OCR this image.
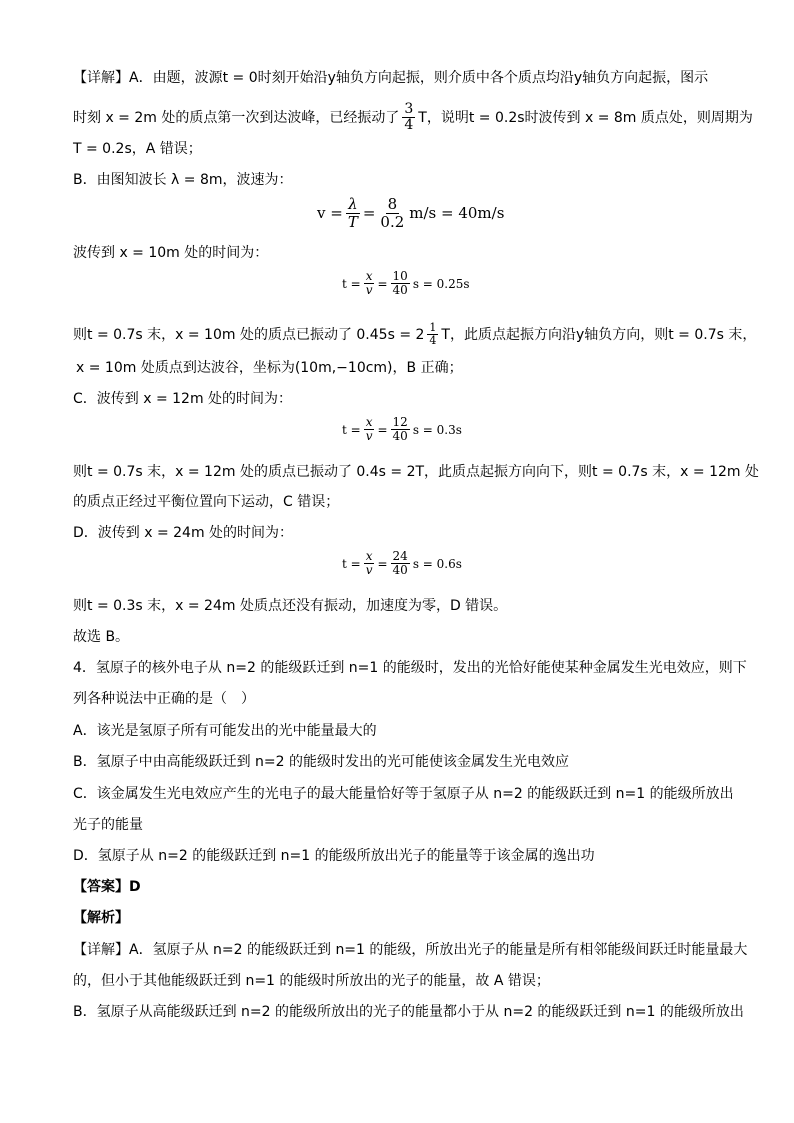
【详解】A．由题，波源t = 0时刻开始沿y轴负方向起振，则介质中各个质点均沿y轴负方向起振，图示
时刻 x = 2m 处的质点第一次到达波峰，已经振动了 $\frac{3}{4}$ T，说明t = 0.2s时波传到 x = 8m 质点处，则周期为
T = 0.2s，A 错误；
B．由图知波长 λ = 8m，波速为：
$v = \frac{\lambda}{T} = \frac{8}{0.2} m/s = 40m/s$
波传到 x = 10m 处的时间为：
$t = \frac{x}{v} = \frac{10}{40}$ s = 0.25s
则t = 0.7s 末，x = 10m 处的质点已振动了 $0.45s = 2 \frac{1}{4}$ T，此质点起振方向沿y轴负方向，则t = 0.7s 末，
x = 10m 处质点到达波谷，坐标为(10m,−10cm)，B 正确；
C．波传到 x = 12m 处的时间为：
$t = \frac{x}{v} = \frac{12}{40}$ s = 0.3s
则t = 0.7s 末，x = 12m 处的质点已振动了 0.4s = 2T，此质点起振方向向下，则t = 0.7s 末，x = 12m 处
的质点正经过平衡位置向下运动，C 错误；
D．波传到 x = 24m 处的时间为：
$t = \frac{x}{v} = \frac{24}{40}$ s = 0.6s
则t = 0.3s 末，x = 24m 处质点还没有振动，加速度为零，D 错误。
故选 B。
4．氢原子的核外电子从 n=2 的能级跃迁到 n=1 的能级时，发出的光恰好能使某种金属发生光电效应，则下
列各种说法中正确的是（　）
A．该光是氢原子所有可能发出的光中能量最大的
B．氢原子中由高能级跃迁到 n=2 的能级时发出的光可能使该金属发生光电效应
C．该金属发生光电效应产生的光电子的最大能量恰好等于氢原子从 n=2 的能级跃迁到 n=1 的能级所放出
光子的能量
D．氢原子从 n=2 的能级跃迁到 n=1 的能级所放出光子的能量等于该金属的逸出功
【答案】D
【解析】
【详解】A．氢原子从 n=2 的能级跃迁到 n=1 的能级，所放出光子的能量是所有相邻能级间跃迁时能量最大
的，但小于其他能级跃迁到 n=1 的能级时所放出的光子的能量，故 A 错误；
B．氢原子从高能级跃迁到 n=2 的能级所放出的光子的能量都小于从 n=2 的能级跃迁到 n=1 的能级所放出
